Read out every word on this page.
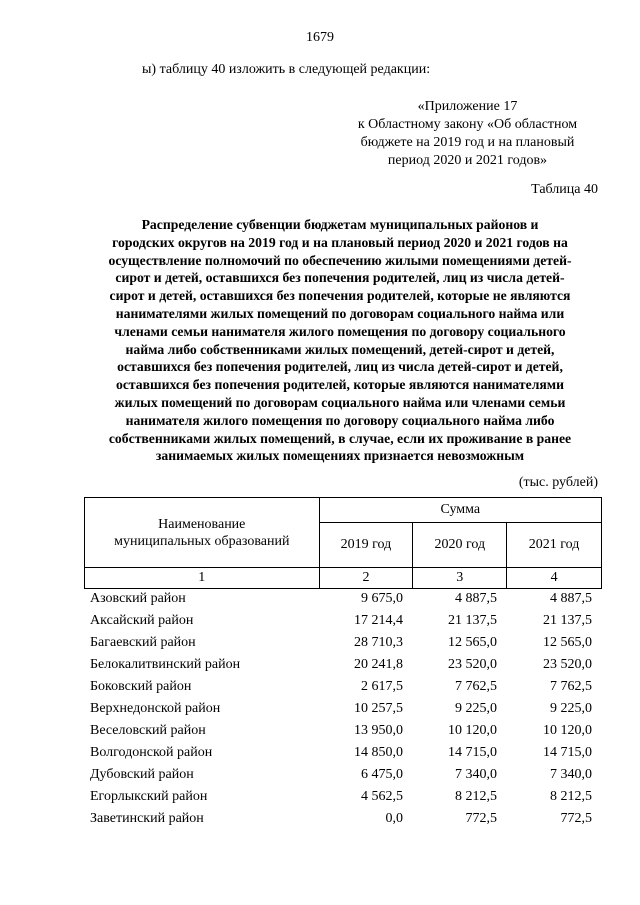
1679
ы) таблицу 40 изложить в следующей редакции:
«Приложение 17
к Областному закону «Об областном
бюджете на 2019 год и на плановый
период 2020 и 2021 годов»
Таблица 40
Распределение субвенции бюджетам муниципальных районов и
городских округов на 2019 год и на плановый период 2020 и 2021 годов на
осуществление полномочий по обеспечению жилыми помещениями детей-
сирот и детей, оставшихся без попечения родителей, лиц из числа детей-
сирот и детей, оставшихся без попечения родителей, которые не являются
нанимателями жилых помещений по договорам социального найма или
членами семьи нанимателя жилого помещения по договору социального
найма либо собственниками жилых помещений, детей-сирот и детей,
оставшихся без попечения родителей, лиц из числа детей-сирот и детей,
оставшихся без попечения родителей, которые являются нанимателями
жилых помещений по договорам социального найма или членами семьи
нанимателя жилого помещения по договору социального найма либо
собственниками жилых помещений, в случае, если их проживание в ранее
занимаемых жилых помещениях признается невозможным
(тыс. рублей)
Наименование
муниципальных образований	Сумма		
	2019 год	2020 год	2021 год
1	2	3	4
Азовский район	9 675,0	4 887,5	4 887,5
Аксайский район	17 214,4	21 137,5	21 137,5
Багаевский район	28 710,3	12 565,0	12 565,0
Белокалитвинский район	20 241,8	23 520,0	23 520,0
Боковский район	2 617,5	7 762,5	7 762,5
Верхнедонской район	10 257,5	9 225,0	9 225,0
Веселовский район	13 950,0	10 120,0	10 120,0
Волгодонской район	14 850,0	14 715,0	14 715,0
Дубовский район	6 475,0	7 340,0	7 340,0
Егорлыкский район	4 562,5	8 212,5	8 212,5
Заветинский район	0,0	772,5	772,5
